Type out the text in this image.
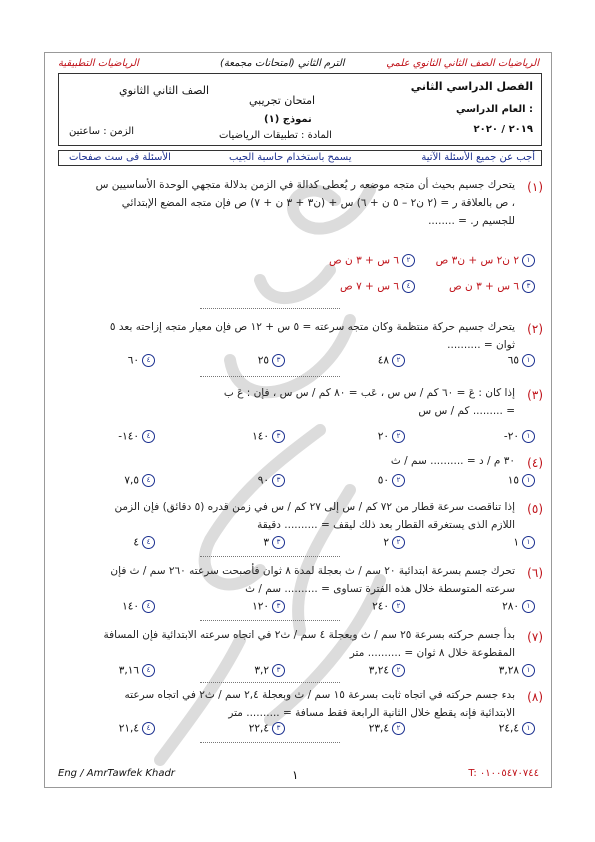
الرياضيات التطبيقية	الترم الثاني (امتحانات مجمعة)	الرياضيات الصف الثاني الثانوي علمي
الفصل الدراسي الثاني
العام الدراسي :
٢٠١٩ / ٢٠٢٠
امتحان تجريبي
الصف الثاني الثانوي
نموذج (١)
المادة : تطبيقات الرياضيات
الزمن : ساعتين
أجب عن جميع الأسئلة الآتية
يسمح باستخدام حاسبة الجيب
الأسئلة فى ست صفحات
(١)
يتحرك جسيم بحيث أن متجه موضعه ر يُعطى كدالة في الزمن بدلالة متجهي الوحدة الأساسيين س ، ص بالعلاقة ر = (٢ ن٢ – ٥ ن + ٦) س + (ن٣ + ٣ ن + ٧) ص فإن متجه المضع الإبتدائي للجسيم ر. = ........
١٢ ن٢ س + ن٣ ص
٢٦ س + ٣ ن ص
٣٦ س + ٣ ن ص
٤٦ س + ٧ ص
(٢)
يتحرك جسيم حركة منتظمة وكان متجه سرعته = ٥ س + ١٢ ص فإن معيار متجه إزاحته بعد ٥ ثوان = ..........
١٦٥
٢٤٨
٣٢٥
٤٦٠
(٣)
إذا كان : عَ = ٦٠ كم / س س ، عَب = ٨٠ كم / س س ، فإن : عَ ب = ......... كم / س س
١٢٠-
٢٢٠
٣١٤٠
٤١٤٠-
(٤)
٣٠ م / د = .......... سم / ث
١١٥
٢٥٠
٣٩٠
٤٧,٥
(٥)
إذا تناقصت سرعة قطار من ٧٢ كم / س إلى ٢٧ كم / س في زمن قدره (٥ دقائق) فإن الزمن اللازم الذى يستغرقه القطار بعد ذلك ليقف = .......... دقيقة
١١
٢٢
٣٣
٤٤
(٦)
تحرك جسم بسرعة ابتدائية ٢٠ سم / ث بعجلة لمدة ٨ ثوان فأصبحت سرعته ٢٦٠ سم / ث فإن سرعته المتوسطة خلال هذه الفترة تساوى = .......... سم / ث
١٢٨٠
٢٢٤٠
٣١٢٠
٤١٤٠
(٧)
بدأ جسم حركته بسرعة ٢٥ سم / ث وبعجلة ٤ سم / ث٢ في اتجاه سرعته الابتدائية فإن المسافة المقطوعة خلال ٨ ثوان = .......... متر
١٣,٢٨
٢٣,٢٤
٣٣,٢
٤٣,١٦
(٨)
بدء جسم حركته في اتجاه ثابت بسرعة ١٥ سم / ث وبعجلة ٢,٤ سم / ث٢ في اتجاه سرعته الابتدائية فإنه يقطع خلال الثانية الرابعة فقط مسافة = .......... متر
١٢٤,٤
٢٢٣,٤
٣٢٢,٤
٤٢١,٤
Eng / AmrTawfek Khadr	١	T: ٠١٠٠٥٤٧٠٧٤٤
